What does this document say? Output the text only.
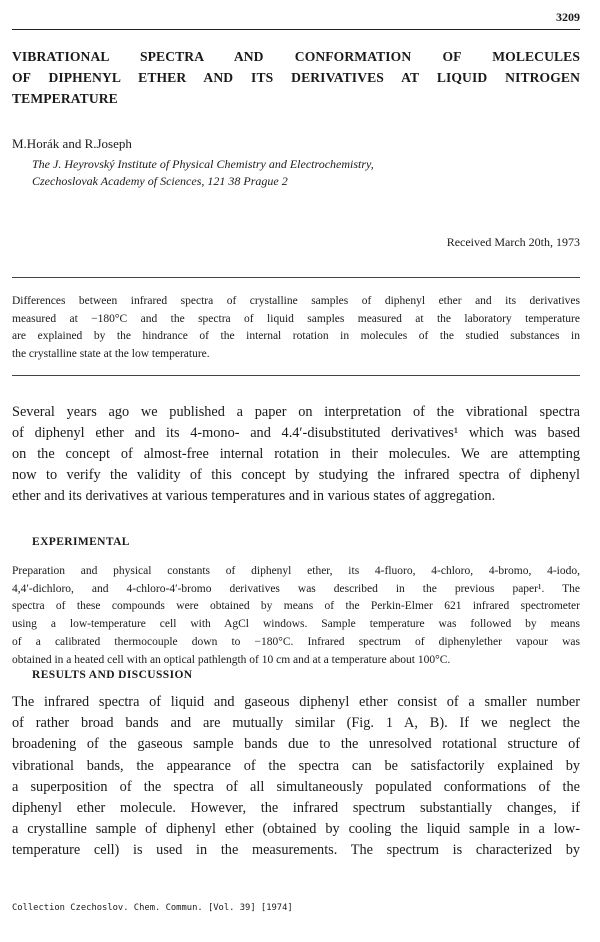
3209
VIBRATIONAL SPECTRA AND CONFORMATION OF MOLECULES
OF DIPHENYL ETHER AND ITS DERIVATIVES AT LIQUID NITROGEN
TEMPERATURE
M.Horák and R.Joseph
The J. Heyrovský Institute of Physical Chemistry and Electrochemistry,
Czechoslovak Academy of Sciences, 121 38 Prague 2
Received March 20th, 1973
Differences between infrared spectra of crystalline samples of diphenyl ether and its derivatives
measured at −180°C and the spectra of liquid samples measured at the laboratory temperature
are explained by the hindrance of the internal rotation in molecules of the studied substances in
the crystalline state at the low temperature.
Several years ago we published a paper on interpretation of the vibrational spectra
of diphenyl ether and its 4-mono- and 4.4′-disubstituted derivatives¹ which was based
on the concept of almost-free internal rotation in their molecules. We are attempting
now to verify the validity of this concept by studying the infrared spectra of diphenyl
ether and its derivatives at various temperatures and in various states of aggregation.
EXPERIMENTAL
Preparation and physical constants of diphenyl ether, its 4-fluoro, 4-chloro, 4-bromo, 4-iodo,
4,4′-dichloro, and 4-chloro-4′-bromo derivatives was described in the previous paper¹. The
spectra of these compounds were obtained by means of the Perkin-Elmer 621 infrared spectrometer
using a low-temperature cell with AgCl windows. Sample temperature was followed by means
of a calibrated thermocouple down to −180°C. Infrared spectrum of diphenylether vapour was
obtained in a heated cell with an optical pathlength of 10 cm and at a temperature about 100°C.
RESULTS AND DISCUSSION
The infrared spectra of liquid and gaseous diphenyl ether consist of a smaller number
of rather broad bands and are mutually similar (Fig. 1 A, B). If we neglect the
broadening of the gaseous sample bands due to the unresolved rotational structure of
vibrational bands, the appearance of the spectra can be satisfactorily explained by
a superposition of the spectra of all simultaneously populated conformations of the
diphenyl ether molecule. However, the infrared spectrum substantially changes, if
a crystalline sample of diphenyl ether (obtained by cooling the liquid sample in a low-
temperature cell) is used in the measurements. The spectrum is characterized by
Collection Czechoslov. Chem. Commun. [Vol. 39] [1974]
